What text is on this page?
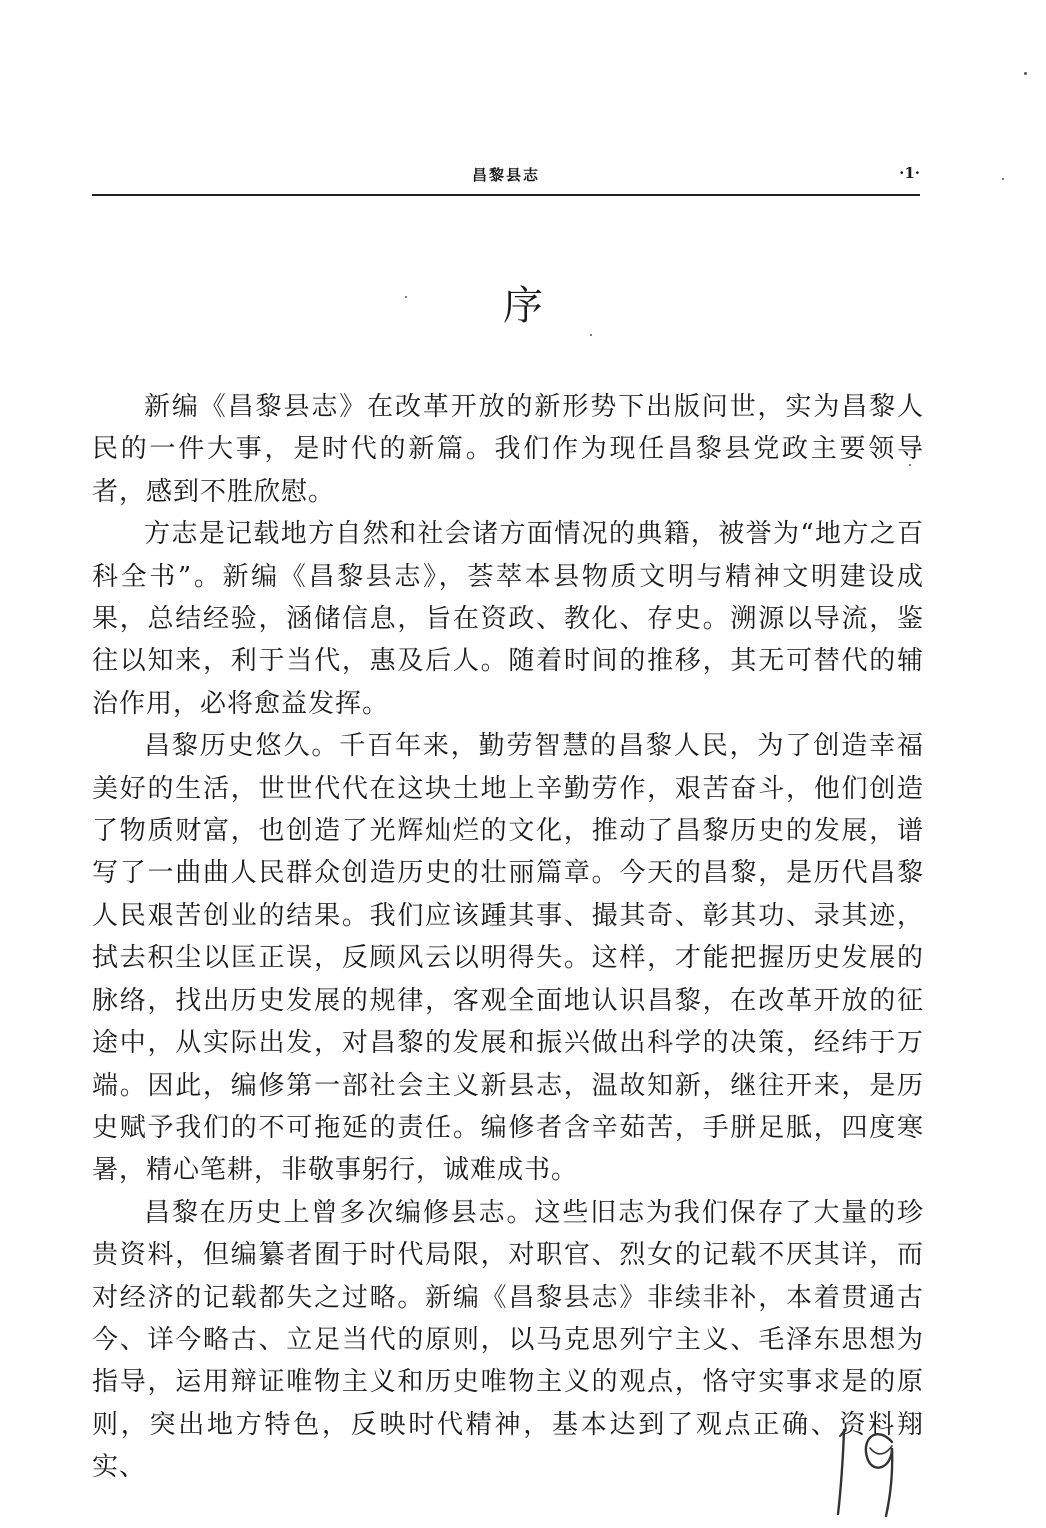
昌黎县志	·1·
序

新编《昌黎县志》在改革开放的新形势下出版问世，实为昌黎人民的一件大事，是时代的新篇。我们作为现任昌黎县党政主要领导者，感到不胜欣慰。

方志是记载地方自然和社会诸方面情况的典籍，被誉为“地方之百科全书”。新编《昌黎县志》，荟萃本县物质文明与精神文明建设成果，总结经验，涵储信息，旨在资政、教化、存史。溯源以导流，鉴往以知来，利于当代，惠及后人。随着时间的推移，其无可替代的辅治作用，必将愈益发挥。

昌黎历史悠久。千百年来，勤劳智慧的昌黎人民，为了创造幸福美好的生活，世世代代在这块土地上辛勤劳作，艰苦奋斗，他们创造了物质财富，也创造了光辉灿烂的文化，推动了昌黎历史的发展，谱写了一曲曲人民群众创造历史的壮丽篇章。今天的昌黎，是历代昌黎人民艰苦创业的结果。我们应该踵其事、撮其奇、彰其功、录其迹，拭去积尘以匡正误，反顾风云以明得失。这样，才能把握历史发展的脉络，找出历史发展的规律，客观全面地认识昌黎，在改革开放的征途中，从实际出发，对昌黎的发展和振兴做出科学的决策，经纬于万端。因此，编修第一部社会主义新县志，温故知新，继往开来，是历史赋予我们的不可拖延的责任。编修者含辛茹苦，手胼足胝，四度寒暑，精心笔耕，非敬事躬行，诚难成书。

昌黎在历史上曾多次编修县志。这些旧志为我们保存了大量的珍贵资料，但编纂者囿于时代局限，对职官、烈女的记载不厌其详，而对经济的记载都失之过略。新编《昌黎县志》非续非补，本着贯通古今、详今略古、立足当代的原则，以马克思列宁主义、毛泽东思想为指导，运用辩证唯物主义和历史唯物主义的观点，恪守实事求是的原则，突出地方特色，反映时代精神，基本达到了观点正确、资料翔实、
